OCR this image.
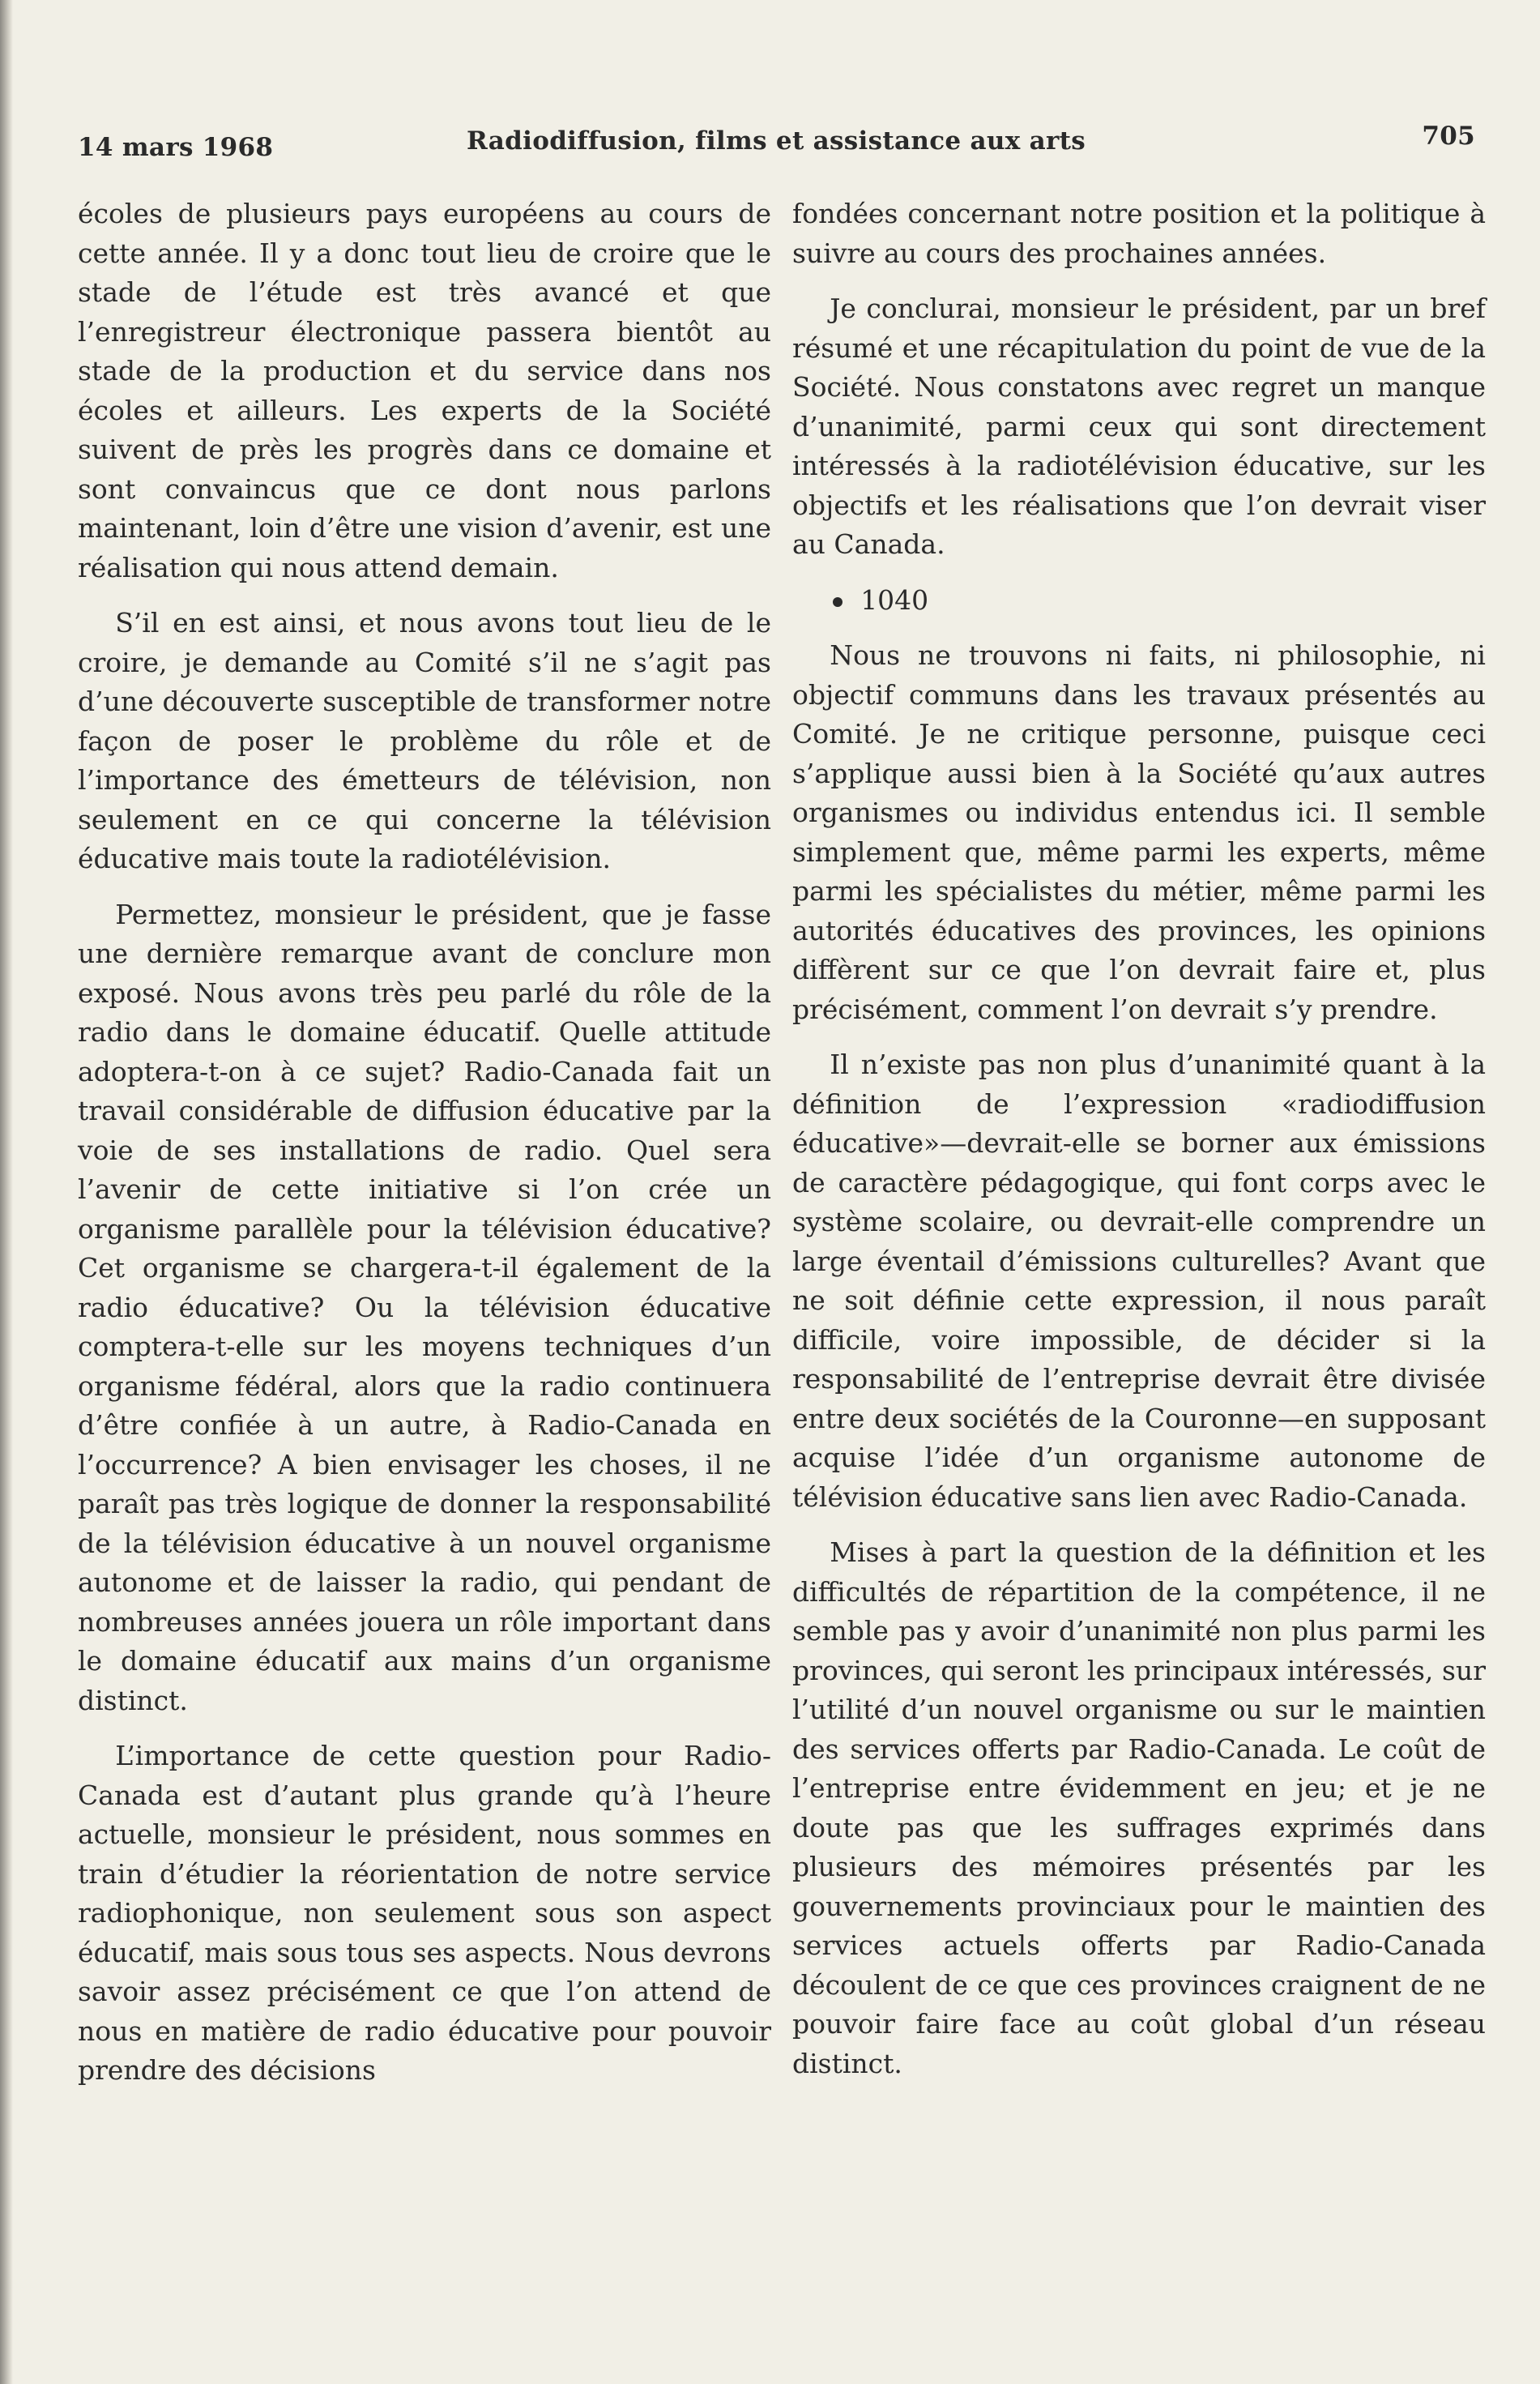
14 mars 1968	Radiodiffusion, films et assistance aux arts	705

écoles de plusieurs pays européens au cours de cette année. Il y a donc tout lieu de croire que le stade de l’étude est très avancé et que l’enregistreur électronique passera bientôt au stade de la production et du service dans nos écoles et ailleurs. Les experts de la Société suivent de près les progrès dans ce domaine et sont convaincus que ce dont nous parlons maintenant, loin d’être une vision d’avenir, est une réalisation qui nous attend demain.

S’il en est ainsi, et nous avons tout lieu de le croire, je demande au Comité s’il ne s’agit pas d’une découverte susceptible de transformer notre façon de poser le problème du rôle et de l’importance des émetteurs de télévision, non seulement en ce qui concerne la télévision éducative mais toute la radiotélévision.

Permettez, monsieur le président, que je fasse une dernière remarque avant de conclure mon exposé. Nous avons très peu parlé du rôle de la radio dans le domaine éducatif. Quelle attitude adoptera-t-on à ce sujet? Radio-Canada fait un travail considérable de diffusion éducative par la voie de ses installations de radio. Quel sera l’avenir de cette initiative si l’on crée un organisme parallèle pour la télévision éducative? Cet organisme se chargera-t-il également de la radio éducative? Ou la télévision éducative comptera-t-elle sur les moyens techniques d’un organisme fédéral, alors que la radio continuera d’être confiée à un autre, à Radio-Canada en l’occurrence? A bien envisager les choses, il ne paraît pas très logique de donner la responsabilité de la télévision éducative à un nouvel organisme autonome et de laisser la radio, qui pendant de nombreuses années jouera un rôle important dans le domaine éducatif aux mains d’un organisme distinct.

L’importance de cette question pour Radio-Canada est d’autant plus grande qu’à l’heure actuelle, monsieur le président, nous sommes en train d’étudier la réorientation de notre service radiophonique, non seulement sous son aspect éducatif, mais sous tous ses aspects. Nous devrons savoir assez précisément ce que l’on attend de nous en matière de radio éducative pour pouvoir prendre des décisions

fondées concernant notre position et la politique à suivre au cours des prochaines années.

Je conclurai, monsieur le président, par un bref résumé et une récapitulation du point de vue de la Société. Nous constatons avec regret un manque d’unanimité, parmi ceux qui sont directement intéressés à la radiotélévision éducative, sur les objectifs et les réalisations que l’on devrait viser au Canada.

1040

Nous ne trouvons ni faits, ni philosophie, ni objectif communs dans les travaux présentés au Comité. Je ne critique personne, puisque ceci s’applique aussi bien à la Société qu’aux autres organismes ou individus entendus ici. Il semble simplement que, même parmi les experts, même parmi les spécialistes du métier, même parmi les autorités éducatives des provinces, les opinions diffèrent sur ce que l’on devrait faire et, plus précisément, comment l’on devrait s’y prendre.

Il n’existe pas non plus d’unanimité quant à la définition de l’expression «radiodiffusion éducative»—devrait-elle se borner aux émissions de caractère pédagogique, qui font corps avec le système scolaire, ou devrait-elle comprendre un large éventail d’émissions culturelles? Avant que ne soit définie cette expression, il nous paraît difficile, voire impossible, de décider si la responsabilité de l’entreprise devrait être divisée entre deux sociétés de la Couronne—en supposant acquise l’idée d’un organisme autonome de télévision éducative sans lien avec Radio-Canada.

Mises à part la question de la définition et les difficultés de répartition de la compétence, il ne semble pas y avoir d’unanimité non plus parmi les provinces, qui seront les principaux intéressés, sur l’utilité d’un nouvel organisme ou sur le maintien des services offerts par Radio-Canada. Le coût de l’entreprise entre évidemment en jeu; et je ne doute pas que les suffrages exprimés dans plusieurs des mémoires présentés par les gouvernements provinciaux pour le maintien des services actuels offerts par Radio-Canada découlent de ce que ces provinces craignent de ne pouvoir faire face au coût global d’un réseau distinct.
